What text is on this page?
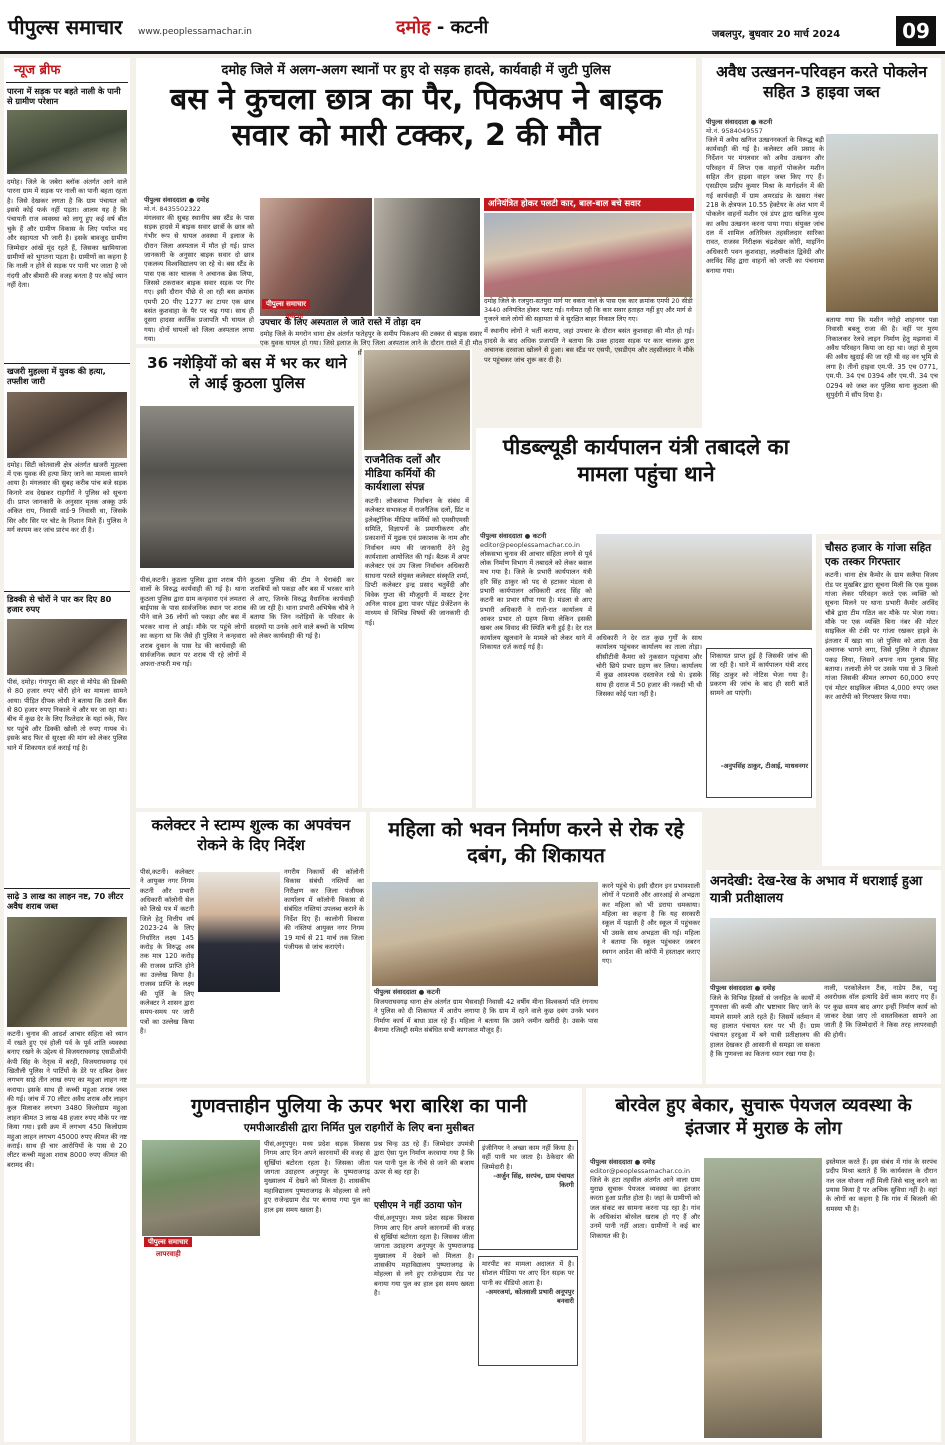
पीपुल्स समाचार www.peoplessamachar.in	दमोह - कटनी	जबलपुर, बुधवार 20 मार्च 2024	09
न्यूज ब्रीफ
पारना में सड़क पर बहते नाली के पानी से ग्रामीण परेशान
दमोह। जिले के जबेरा ब्लॉक अंतर्गत आने वाले पारना ग्राम में सड़क पर नाली का पानी बहता रहता है। जिसे देखकर लगता है कि ग्राम पंचायत को इससे कोई फर्क नहीं पड़ता। आलम यह है कि पंचायती राज व्यवस्था को लागू हुए कई वर्ष बीत चुके हैं और ग्रामीण विकास के लिए पर्याप्त मद और सहायता भी जारी है। इसके बावजूद ग्रामीण जिम्मेदार आंखें मूंद रहते हैं, जिसका खामियाजा ग्रामीणों को भुगतना पड़ता है। ग्रामीणों का कहना है कि नाली न होने से सड़क पर पानी भर जाता है जो गंदगी और बीमारी की वजह बनता है पर कोई ध्यान नहीं देता।
खजरी मुहल्ला में युवक की हत्या, तफ्तीश जारी
दमोह। सिटी कोतवाली क्षेत्र अंतर्गत खजरी मुहल्ला में एक युवक की हत्या किए जाने का मामला सामने आया है। मंगलवार की सुबह करीब पांच बजे सड़क किनारे शव देखकर राहगीरों ने पुलिस को सूचना दी। प्राप्त जानकारी के अनुसार मृतक अक्कू उर्फ अंकित राय, निवासी वार्ड-9 निवासी था, जिसके सिर और सिर पर चोट के निशान मिले हैं। पुलिस ने मर्ग कायम कर जांच प्रारंभ कर दी है।
डिक्की से चोरों ने पार कर दिए 80 हजार रुपए
पीसं, दमोह। गंगापुरा की शहर से मोपेड की डिक्की से 80 हजार रुपए चोरी होने का मामला सामने आया। पीड़ित दीपक लोधी ने बताया कि उसने बैंक से 80 हजार रुपए निकाले थे और घर जा रहा था। बीच में कुछ देर के लिए रिश्तेदार के यहां रुके, फिर घर पहुंचे और डिक्की खोली तो रुपए गायब थे। इसके बाद फिर से सुरक्षा की मांग को लेकर पुलिस थाने में शिकायत दर्ज कराई गई है।
साढ़े 3 लाख का लाहन नष्ट, 70 लीटर अवैध शराब जब्त
कटनी। चुनाव की आदर्श आचार संहिता को ध्यान में रखते हुए एवं होली पर्व के पूर्व शांति व्यवस्था बनाए रखने के उद्देश्य से विजयराघवगढ़ एसडीओपी केपी सिंह के नेतृत्व में बरही, विजयराघवगढ़ एवं खितौली पुलिस ने पार्टियों के डेरे पर दबिश देकर लगभग साढ़े तीन लाख रुपए का महुआ लाहन नष्ट कराया। इसके साथ ही कच्ची महुआ शराब जब्त की गई। जांच में 70 लीटर अवैध शराब और लाहन कुल मिलाकर लगभग 3480 किलोग्राम महुआ लाहन कीमत 3 लाख 48 हजार रुपए मौके पर नष्ट किया गया। इसी क्रम में लगभग 450 किलोग्राम महुआ लाहन लगभग 45000 रुपए कीमत की नष्ट कराई। साथ ही चार आरोपियों के पास से 20 लीटर कच्ची महुआ शराब 8000 रुपए कीमत की बरामद की।
दमोह जिले में अलग-अलग स्थानों पर हुए दो सड़क हादसे, कार्यवाही में जुटी पुलिस
बस ने कुचला छात्र का पैर, पिकअप ने बाइक सवार को मारी टक्कर, 2 की मौत
पीपुल्स संवाददाता ● दमोह
मो.नं. 8435502322
मंगलवार की सुबह स्थानीय बस स्टैंड के पास सड़क हादसे में बाइक सवार छात्रों के छात्र को गंभीर रूप से घायल अवस्था में इलाज के दौरान जिला अस्पताल में मौत हो गई। प्राप्त जानकारी के अनुसार बाइक सवार दो छात्र एकलव्य विश्वविद्यालय जा रहे थे। बस स्टैंड के पास एक कार चालक ने अचानक ब्रेक लिया, जिससे टकराकर बाइक सवार सड़क पर गिर गए। इसी दौरान पीछे से आ रही बस क्रमांक एमपी 20 पीए 1277 का टायर एक छात्र बसंत कुशवाहा के पैर पर चढ़ गया। साथ ही दूसरा हादसा कार्तिक प्रजापति भी घायल हो गया। दोनों घायलों को जिला अस्पताल लाया गया।
पीपुल्स समाचार
दुर्घटना
उपचार के लिए अस्पताल ले जाते रास्ते में तोड़ा दम
दमोह जिले के मगरोन थाना क्षेत्र अंतर्गत फतेहपुर के समीप पिकअप की टक्कर से बाइक सवार एक युवक घायल हो गया। जिसे इलाज के लिए जिला अस्पताल लाने के दौरान रास्ते में ही मौत
अनियंत्रित होकर पलटी कार, बाल-बाल बचे सवार
दमोह जिले के रजपुरा-सतपुरा मार्ग पर वकरा नाले के पास एक कार क्रमांक एमपी 20 सीडी 3440 अनियंत्रित होकर पलट गई। गनीमत रही कि कार सवार हताहत नहीं हुए और मार्ग से गुजरने वाले लोगों की सहायता से वे सुरक्षित बाहर निकाल लिए गए।
में स्थानीय लोगों ने भर्ती कराया, जहां उपचार के दौरान बसंत कुशवाहा की मौत हो गई। हादसे के बाद अधिक प्रजापति ने बताया कि उक्त हादसा सड़क पर कार चालक द्वारा अचानक दरवाजा खोलने से हुआ। बस स्टैंड पर एसपी, एसडीएम और तहसीलदार ने मौके पर पहुंचकर जांच शुरू कर दी है।
अवैध उत्खनन-परिवहन करते पोकलेन सहित 3 हाइवा जब्त
पीपुल्स संवाददाता ● कटनी
मो.नं. 9584049557
जिले में अवैध खनिज उत्खननकर्ता के विरूद्ध बड़ी कार्यवाही की गई है। कलेक्टर अवि प्रसाद के निर्देशन पर मंगलवार को अवैध उत्खनन और परिवहन में लिप्त एक वाहनों पोकलेन मशीन सहित तीन हाइवा वाहन जब्त किए गए हैं। एसडीएम प्रदीप कुमार मिश्रा के मार्गदर्शन में की गई कार्यवाही में ग्राम अमरडांड के खसरा नंबर 218 के क्षेत्रफल 10.55 हेक्टेयर के अंश भाग में पोकलेन वाहनों मशीन एवं डंपर द्वारा खनिज मुरम का अवैध उत्खनन करना पाया गया। संयुक्त जांच दल में शामिल अतिरिक्त तहसीलदार सारिका रावत, राजस्व निरीक्षक चंद्रशेखर कोरी, माइनिंग अधिकारी पवन कुशवाहा, लक्ष्मीकांत द्विवेदी और अरविंद सिंह द्वारा वाहनों को जप्ती का पंचनामा बनाया गया।
बताया गया कि मशीन नरोहो शाहनगर पन्ना निवासी बबलू राजा की है। वहीं पर मुरम निकालकर रेलवे लाइन निर्माण हेतु मझगवां में अवैध परिवहन किया जा रहा था। जहां से मुरम की अवैध खुदाई की जा रही थी वह वन भूमि से लगा है। तीनों हाइवा एम.पी. 35 एच 0771, एम.पी. 34 एच 0394 और एम.पी. 34 एच 0294 को जब्त कर पुलिस थाना कुठला की सुपुर्दगी में सौंप दिया है।
चौसठ हजार के गांजा सहित एक तस्कर गिरफ्तार
कटनी। थाना क्षेत्र कैमोर के ग्राम सलैया विजय रोड पर मुखबिर द्वारा सूचना मिली कि एक युवक गांजा लेकर परिवहन करते एक व्यक्ति को सूचना मिलने पर थाना प्रभारी कैमोर अरविंद चौबे द्वारा टीम गठित कर मौके पर भेजा गया। मौके पर एक व्यक्ति बिना नंबर की मोटर साइकिल की टंकी पर गांजा रखकर हाइवे के इंतजार में खड़ा था। जो पुलिस को आता देख अचानक भागने लगा, जिसे पुलिस ने दौड़ाकर पकड़ लिया, जिसने अपना नाम गुलाब सिंह बताया। तलाशी लेने पर उसके पास से 3 किलो गांजा जिसकी कीमत लगभग 60,000 रुपए एवं मोटर साइकिल कीमत 4,000 रुपए जब्त कर आरोपी को गिरफ्तार किया गया।
36 नशेड़ियों को बस में भर कर थाने ले आई कुठला पुलिस
पीसं,कटनी। कुठला पुलिस द्वारा शराब पीने वालों के विरुद्ध कार्यवाही की गई है। थाना कुठला पुलिस द्वारा ग्राम कन्हवारा एवं लमतरा बाईपास के पास सार्वजनिक स्थान पर शराब पीने वाले 36 लोगों को पकड़ा और बस में भरकर थाना ले आई। मौके पर पहुंचे लोगों का कहना था कि जैसे ही पुलिस ने कन्हवारा शराब दुकान के पास रेड की कार्यवाही की सार्वजनिक स्थान पर शराब पी रहे लोगों में अफरा-तफरी मच गई।
कुठला पुलिस की टीम ने घेराबंदी कर शराबियों को पकड़ा और बस में भरकर थाने ले आए, जिनके विरुद्ध वैधानिक कार्यवाही की जा रही है। थाना प्रभारी अभिषेक चौबे ने बताया कि जिन नशेड़ियों के परिवार के सदस्यों या उनके आने वाले बच्चों के भविष्य को लेकर कार्यवाही की गई है।
राजनैतिक दलों और मीडिया कर्मियों की कार्यशाला संपन्न
कटनी। लोकसभा निर्वाचन के संबंध में कलेक्टर सभाकक्ष में राजनैतिक दलों, प्रिंट व इलेक्ट्रॉनिक मीडिया कर्मियों को एमसीएमसी समिति, विज्ञापनों के प्रमाणीकरण और प्रकाशनों में मुद्रक एवं प्रकाशक के नाम और निर्वाचन व्यय की जानकारी देने हेतु कार्यशाला आयोजित की गई। बैठक में अपर कलेक्टर एवं उप जिला निर्वाचन अधिकारी साधना परस्ते संयुक्त कलेक्टर संस्कृति शर्मा, डिप्टी कलेक्टर इन्द्र प्रसाद चतुर्वेदी और विवेक गुप्ता की मौजूदगी में मास्टर ट्रेनर अनिल यादव द्वारा पावर पॉइंट प्रेजेंटेशन के माध्यम से विभिन्न विषयों की जानकारी दी गई।
पीडब्ल्यूडी कार्यपालन यंत्री तबादले का मामला पहुंचा थाने
पीपुल्स संवाददाता ● कटनी
editor@peoplessamachar.co.in
लोकसभा चुनाव की आचार संहिता लगने से पूर्व लोक निर्माण विभाग में तबादले को लेकर बवाल मच गया है। जिले के प्रभारी कार्यपालन यंत्री हरि सिंह ठाकुर को पद से हटाकर मंडला से प्रभारी कार्यपालन अधिकारी शरद सिंह को कटनी का प्रभार सौंपा गया है। मंडला से आए प्रभारी अधिकारी ने रातों-रात कार्यालय में आकर प्रभार तो ग्रहण किया लेकिन इसकी खबर अब विवाद की स्थिति बनी हुई है। देर रात कार्यालय खुलवाने के मामले को लेकर थाने में शिकायत दर्ज कराई गई है।
अधिकारी ने देर रात कुछ गुर्गों के साथ कार्यालय पहुंचकर कार्यालय का ताला तोड़ा। सीसीटीवी कैमरा को नुकसान पहुंचाया और चोरी छिपे प्रभार ग्रहण कर लिया। कार्यालय में कुछ आवश्यक दस्तावेज रखे थे। इसके साथ ही दराज में 50 हजार की नकदी भी थी जिसका कोई पता नहीं है।
शिकायत प्राप्त हुई है जिसकी जांच की जा रही है। थाने में कार्यपालन यंत्री शरद सिंह ठाकुर को नोटिस भेजा गया है। प्रकरण की जांच के बाद ही सारी बातें सामने आ पाएंगी।
-अनुपसिंह ठाकुर, टीआई, माधवनगर
कलेक्टर ने स्टाम्प शुल्क का अपवंचन रोकने के दिए निर्देश
पीसं,कटनी। कलेक्टर ने आयुक्त नगर निगम कटनी और प्रभारी अधिकारी कॉलोनी सेल को लिखे पत्र में कटनी जिले हेतु वित्तीय वर्ष 2023-24 के लिए निर्धारित लक्ष्य 145 करोड़ के विरुद्ध अब तक मात्र 120 करोड़ की राजस्व प्राप्ति होने का उल्लेख किया है। राजस्व प्राप्ति के लक्ष्य की पूर्ति के लिए कलेक्टर ने शासन द्वारा समय-समय पर जारी पत्रों का उल्लेख किया है।
नगरीय निकायों की कॉलोनी विकास संबंधी नस्तियों का निरीक्षण कर जिला पंजीयक कार्यालय में कॉलोनी विकास से संबंधित नस्तियां उपलब्ध कराने के निर्देश दिए हैं। कालोनी विकास की नस्तियां आयुक्त नगर निगम 19 मार्च से 21 मार्च तक जिला पंजीयक से जांच कराएंगे।
महिला को भवन निर्माण करने से रोक रहे दबंग, की शिकायत
पीपुल्स संवाददाता ● कटनी
विजयराघवगढ़ थाना क्षेत्र अंतर्गत ग्राम भैसवाही निवासी 42 वर्षीय मीना विश्वकर्मा पति रंगनाथ ने पुलिस को दी शिकायत में आरोप लगाया है कि ग्राम में रहने वाले कुछ दबंग उनके भवन निर्माण कार्य में बाधा डाल रहे हैं। महिला ने बताया कि उसने जमीन खरीदी है। उसके पास बैनामा रजिस्ट्री समेत संबंधित सभी कागजात मौजूद हैं।
करने पहुंचे थे। इसी दौरान इन प्रभावशाली लोगों ने पटवारी और आरआई से अभद्रता कर महिला को भी डराया धमकाया। महिला का कहना है कि यह सरकारी स्कूल में पढ़ाती है और स्कूल में पहुंचकर भी उसके साथ अभद्रता की गई। महिला ने बताया कि स्कूल पहुंचकर जबरन स्थगन आदेश की कॉपी में हस्ताक्षर कराए गए।
अनदेखी: देख-रेख के अभाव में धराशाई हुआ यात्री प्रतीक्षालय
पीपुल्स संवाददाता ● दमोह
जिले के विभिन्न हिस्सों से जनहित के कार्यों में गुणवत्ता की कमी और भ्रष्टाचार किए जाने के मामले सामने आते रहते हैं। जिसमें वर्तमान में यह हालात पंचायत स्तर पर भी हैं। ग्राम पंचायत हरदुआ में बने यात्री प्रतीक्षालय की हालत देखकर ही आसानी से समझा जा सकता है कि गुणवत्ता का कितना ध्यान रखा गया है।
नाली, परकोलेशन टैंक, नाडेप टैंक, पशु अवरोधक वॉल इत्यादि ढेरों काम कराए गए हैं। पर कुछ समय बाद अगर इन्हीं निर्माण कार्य को जाकर देखा जाए तो वास्तविकता सामने आ जाती है कि जिम्मेदारों ने किस तरह लापरवाही की होगी।
गुणवत्ताहीन पुलिया के ऊपर भरा बारिश का पानी
एमपीआरडीसी द्वारा निर्मित पुल राहगीरों के लिए बना मुसीबत
पीपुल्स समाचार
लापरवाही
पीसं,अनूपपुर। मध्य प्रदेश सड़क विकास निगम आए दिन अपने कारनामों की वजह से सुर्खियां बटोरता रहता है। जिसका जीता जागता उदाहरण अनूपपुर के पुष्पराजगढ़ मुख्यालय में देखने को मिलता है। शासकीय महाविद्यालय पुष्पराजगढ़ के मोहल्ला से लगे हुए राजेन्द्रग्राम रोड पर बनाया गया पुल का हाल इस समय खस्ता है।
प्रश्न चिन्ह उठ रहे हैं। जिम्मेदार उपमंत्री द्वारा ऐसा पुल निर्माण करवाया गया है कि पल पानी पुल के नीचे से जाने की बजाय ऊपर से बह रहा है।
एसीएम ने नहीं उठाया फोन
पीसं,अनूपपुर। मध्य प्रदेश सड़क विकास निगम आए दिन अपने कारनामों की वजह से सुर्खियां बटोरता रहता है। जिसका जीता जागता उदाहरण अनूपपुर के पुष्पराजगढ़ मुख्यालय में देखने को मिलता है। शासकीय महाविद्यालय पुष्पराजगढ़ के मोहल्ला से लगे हुए राजेन्द्रग्राम रोड पर बनाया गया पुल का हाल इस समय खस्ता है।
इंजीनियर ने अच्छा काम नहीं किया है। वहीं पानी भर जाता है। ठेकेदार की जिम्मेदारी है।
-अर्जुन सिंह, सरपंच, ग्राम पंचायत किरगी
मारपीट का मामला अदालत में है। सोशल मीडिया पर आए दिन सड़क पर पानी का वीडियो आता है।
-अमरजमां, कोतवाली प्रभारी अनूपपुर बनवारी
बोरवेल हुए बेकार, सुचारू पेयजल व्यवस्था के इंतजार में मुराछ के लोग
पीपुल्स संवाददाता ● दमोह
editor@peoplessamachar.co.in
जिले के हटा तहसील अंतर्गत आने वाला ग्राम मुराछ सुचारू पेयजल व्यवस्था का इंतजार करता हुआ प्रतीत होता है। जहां के ग्रामीणों को जल संकट का सामना करना पड़ रहा है। गांव के अधिकांश बोरवेल खराब हो गए हैं और उनमें पानी नहीं आता। ग्रामीणों ने कई बार शिकायत की है।
इस्तेमाल करते हैं। इस संबंध में गांव के सरपंच प्रदीप मिश्रा बताते हैं कि कार्यकाल के दौरान नल जल योजना नहीं मिली जिसे चालू करने का प्रयास किया है पर अभिक सुविधा नहीं है। वहां के लोगों का कहना है कि गांव में बिजली की समस्या भी है।
